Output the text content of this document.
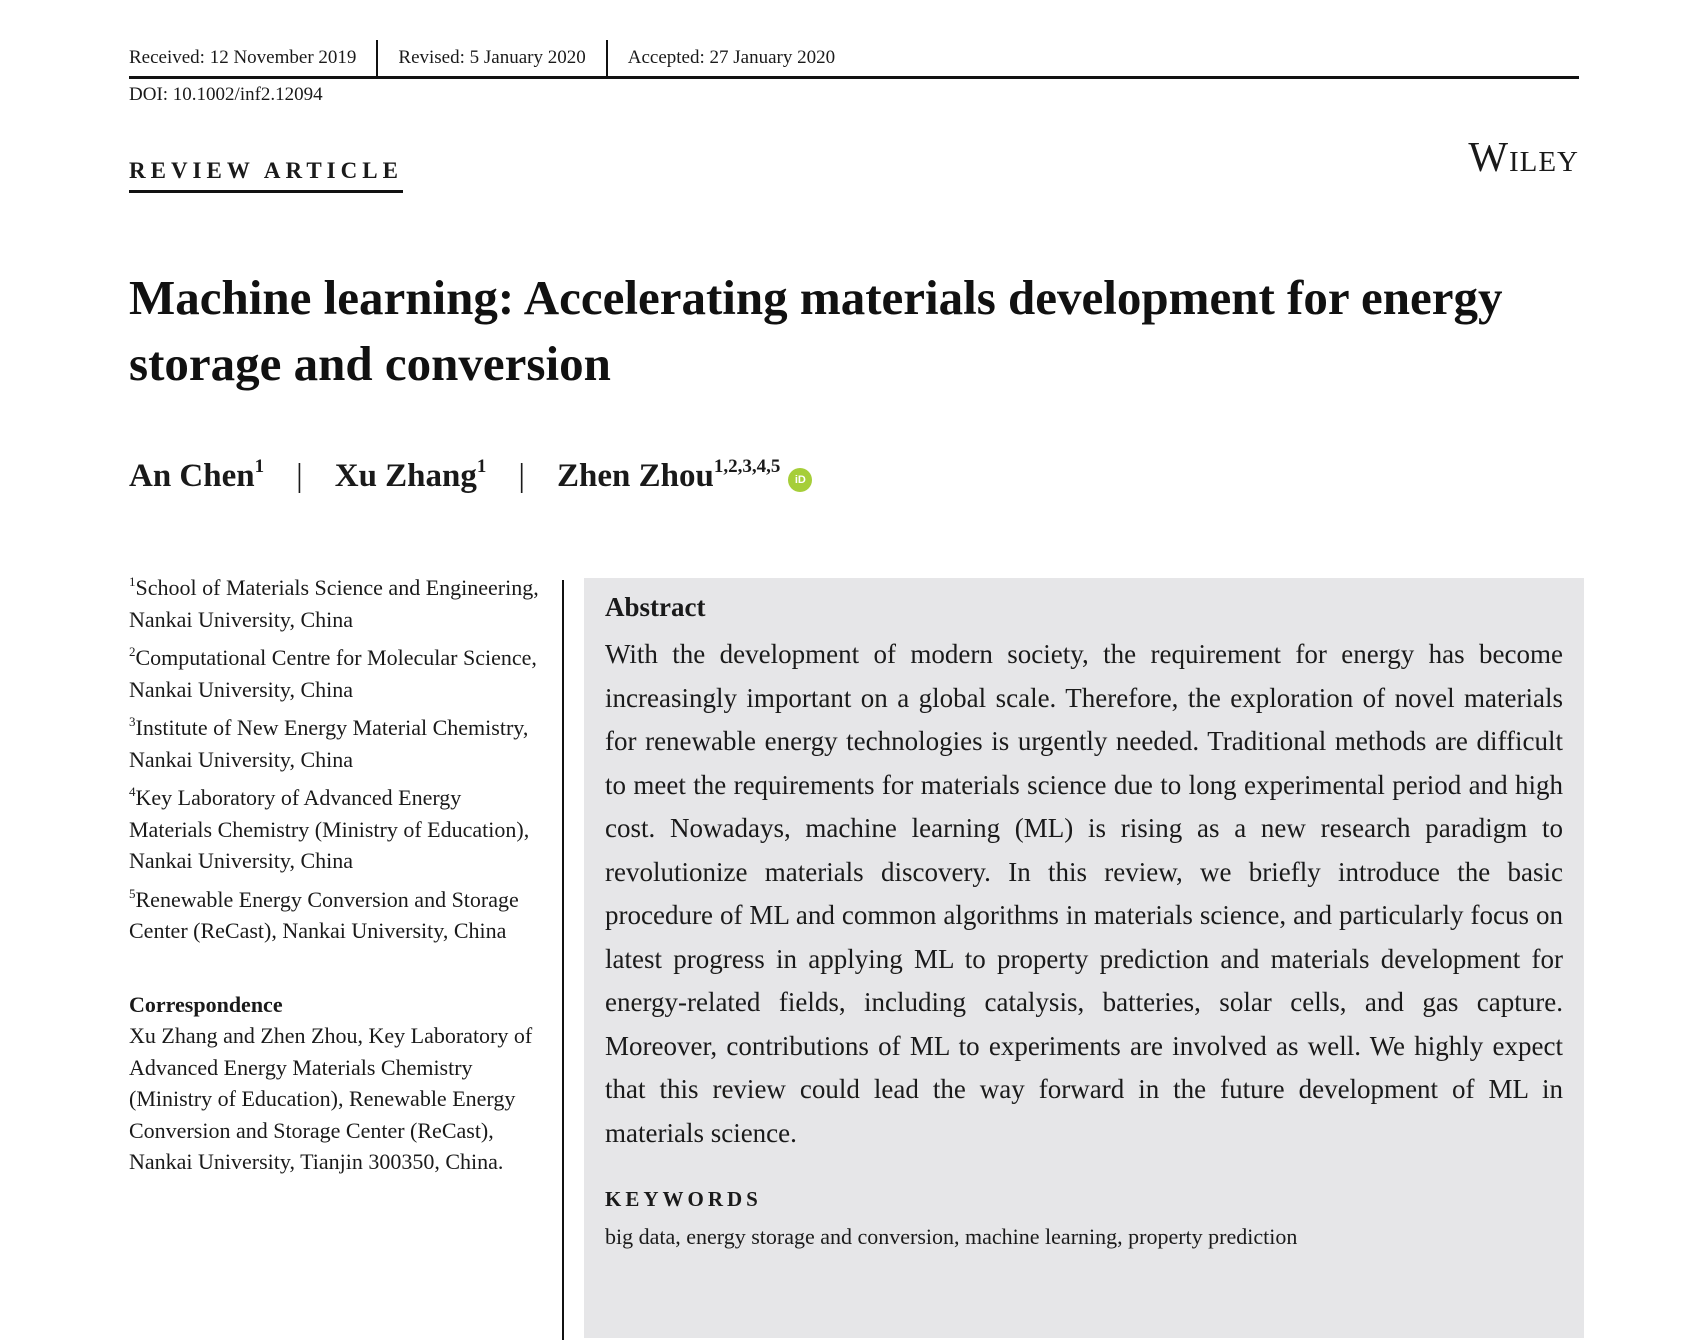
Received: 12 November 2019	Revised: 5 January 2020	Accepted: 27 January 2020
DOI: 10.1002/inf2.12094
REVIEW ARTICLE	Wiley
Machine learning: Accelerating materials development for energy storage and conversion
An Chen$^1$ | Xu Zhang$^1$ | Zhen Zhou$^{1,2,3,4,5}$
iD
$^1$School of Materials Science and Engineering, Nankai University, China
$^2$Computational Centre for Molecular Science, Nankai University, China
$^3$Institute of New Energy Material Chemistry, Nankai University, China
$^4$Key Laboratory of Advanced Energy Materials Chemistry (Ministry of Education), Nankai University, China
$^5$Renewable Energy Conversion and Storage Center (ReCast), Nankai University, China
Correspondence

Xu Zhang and Zhen Zhou, Key Laboratory of Advanced Energy Materials Chemistry (Ministry of Education), Renewable Energy Conversion and Storage Center (ReCast), Nankai University, Tianjin 300350, China.

Abstract
With the development of modern society, the requirement for energy has become increasingly important on a global scale. Therefore, the exploration of novel materials for renewable energy technologies is urgently needed. Traditional methods are difficult to meet the requirements for materials science due to long experimental period and high cost. Nowadays, machine learning (ML) is rising as a new research paradigm to revolutionize materials discovery. In this review, we briefly introduce the basic procedure of ML and common algorithms in materials science, and particularly focus on latest progress in applying ML to property prediction and materials development for energy-related fields, including catalysis, batteries, solar cells, and gas capture. Moreover, contributions of ML to experiments are involved as well. We highly expect that this review could lead the way forward in the future development of ML in materials science.
KEYWORDS
big data, energy storage and conversion, machine learning, property prediction
